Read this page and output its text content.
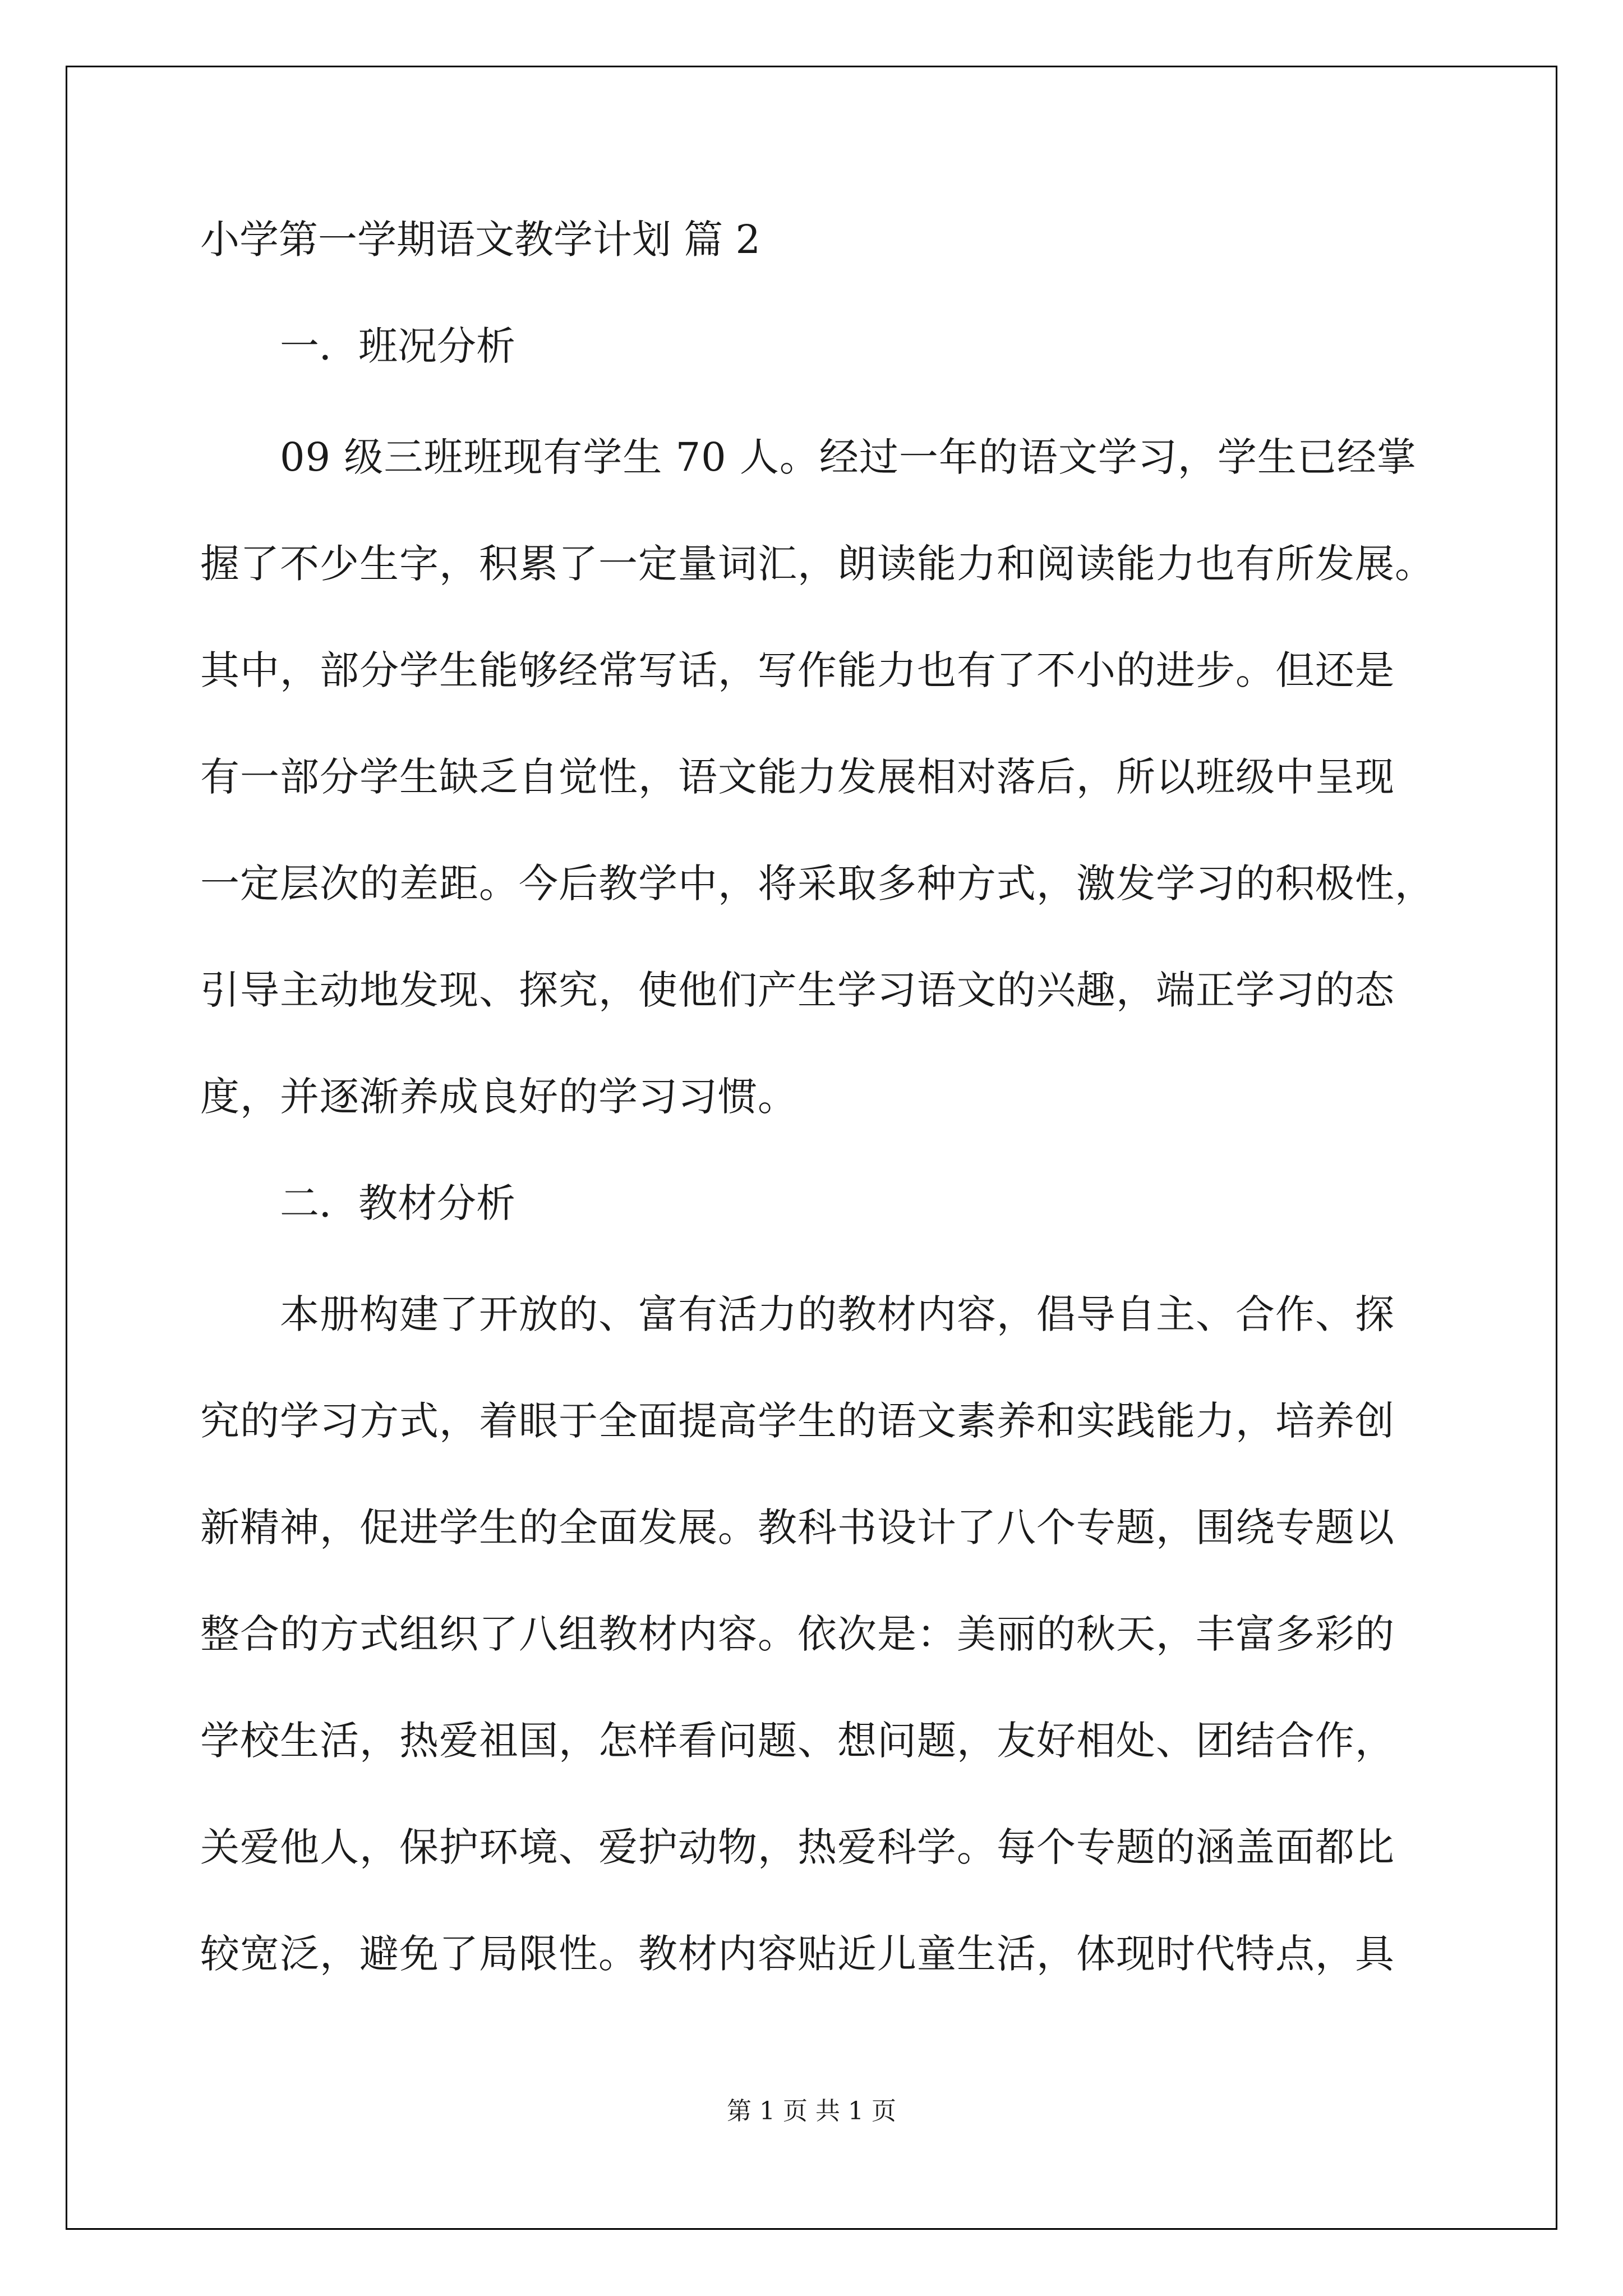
小学第一学期语文教学计划 篇 2
一．班况分析
09 级三班班现有学生 70 人。经过一年的语文学习，学生已经掌
握了不少生字，积累了一定量词汇，朗读能力和阅读能力也有所发展。
其中，部分学生能够经常写话，写作能力也有了不小的进步。但还是
有一部分学生缺乏自觉性，语文能力发展相对落后，所以班级中呈现
一定层次的差距。今后教学中，将采取多种方式，激发学习的积极性，
引导主动地发现、探究，使他们产生学习语文的兴趣，端正学习的态
度，并逐渐养成良好的学习习惯。
二．教材分析
本册构建了开放的、富有活力的教材内容，倡导自主、合作、探
究的学习方式，着眼于全面提高学生的语文素养和实践能力，培养创
新精神，促进学生的全面发展。教科书设计了八个专题，围绕专题以
整合的方式组织了八组教材内容。依次是：美丽的秋天，丰富多彩的
学校生活，热爱祖国，怎样看问题、想问题，友好相处、团结合作，
关爱他人，保护环境、爱护动物，热爱科学。每个专题的涵盖面都比
较宽泛，避免了局限性。教材内容贴近儿童生活，体现时代特点，具
第 1 页 共 1 页
